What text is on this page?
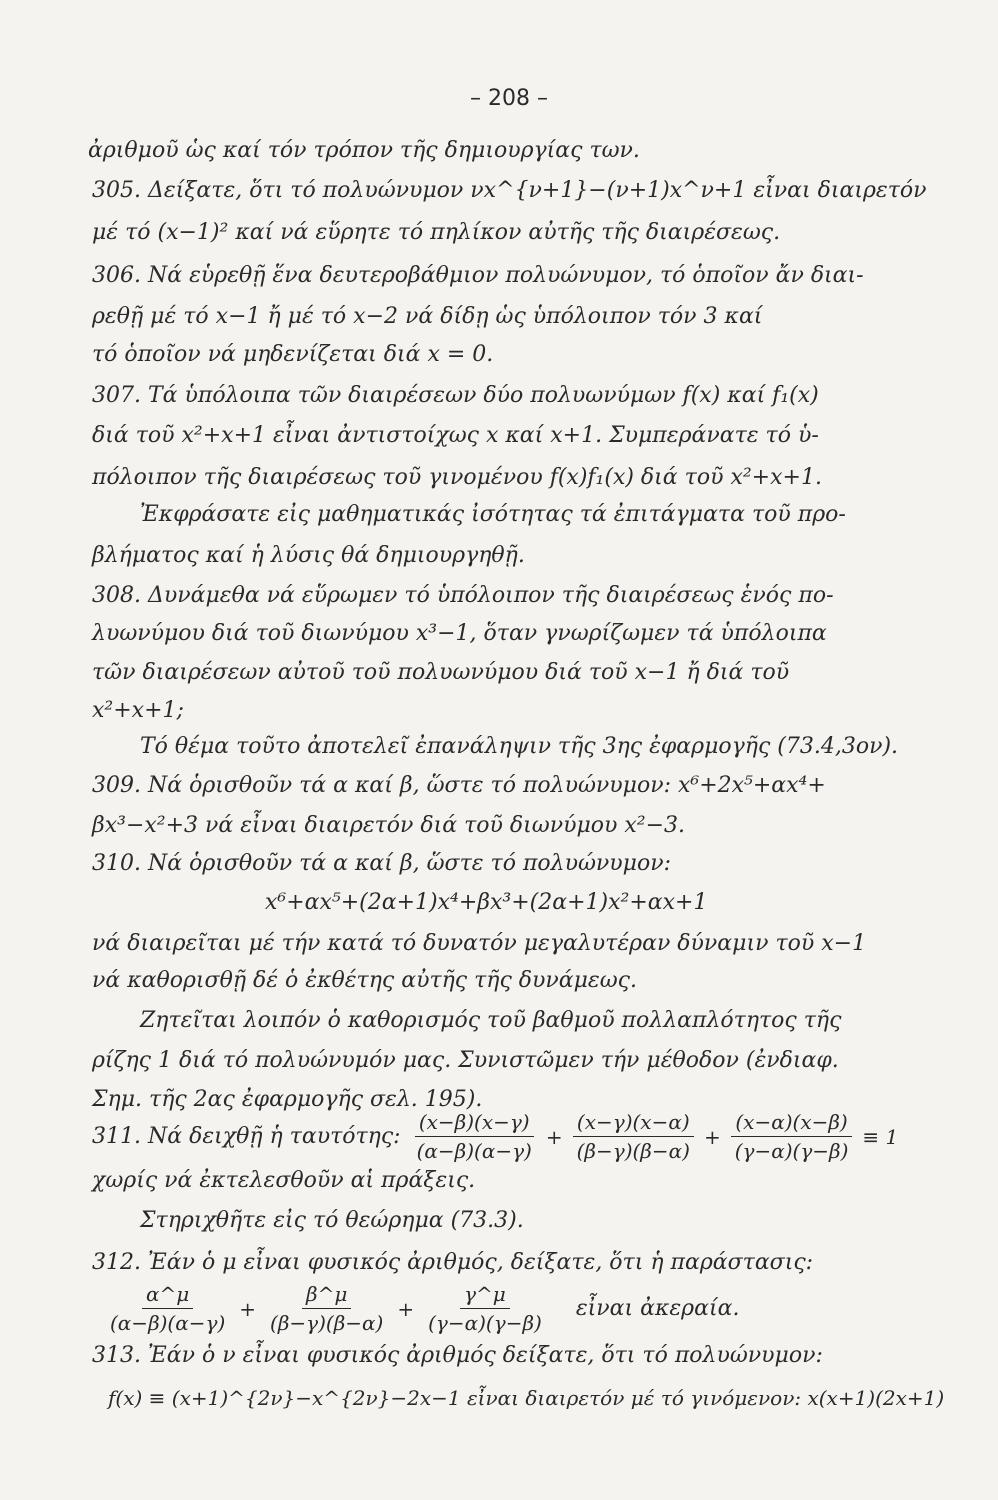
– 208 –
ἀριθμοῦ ὡς καί τόν τρόπον τῆς δημιουργίας των.
305. Δείξατε, ὅτι τό πολυώνυμον νx^{ν+1}−(ν+1)x^ν+1 εἶναι διαιρετόν
μέ τό (x−1)² καί νά εὕρητε τό πηλίκον αὐτῆς τῆς διαιρέσεως.
306. Νά εὑρεθῇ ἕνα δευτεροβάθμιον πολυώνυμον, τό ὁποῖον ἄν διαι-
ρεθῇ μέ τό x−1 ἤ μέ τό x−2 νά δίδῃ ὡς ὑπόλοιπον τόν 3 καί
τό ὁποῖον νά μηδενίζεται διά x = 0.
307. Τά ὑπόλοιπα τῶν διαιρέσεων δύο πολυωνύμων f(x) καί f₁(x)
διά τοῦ x²+x+1 εἶναι ἀντιστοίχως x καί x+1. Συμπεράνατε τό ὑ-
πόλοιπον τῆς διαιρέσεως τοῦ γινομένου f(x)f₁(x) διά τοῦ x²+x+1.
Ἐκφράσατε εἰς μαθηματικάς ἰσότητας τά ἐπιτάγματα τοῦ προ-
βλήματος καί ἡ λύσις θά δημιουργηθῇ.
308. Δυνάμεθα νά εὕρωμεν τό ὑπόλοιπον τῆς διαιρέσεως ἑνός πο-
λυωνύμου διά τοῦ διωνύμου x³−1, ὅταν γνωρίζωμεν τά ὑπόλοιπα
τῶν διαιρέσεων αὐτοῦ τοῦ πολυωνύμου διά τοῦ x−1 ἤ διά τοῦ
x²+x+1;
Τό θέμα τοῦτο ἀποτελεῖ ἐπανάληψιν τῆς 3ης ἐφαρμογῆς (73.4,3ον).
309. Νά ὁρισθοῦν τά α καί β, ὥστε τό πολυώνυμον: x⁶+2x⁵+αx⁴+
βx³−x²+3 νά εἶναι διαιρετόν διά τοῦ διωνύμου x²−3.
310. Νά ὁρισθοῦν τά α καί β, ὥστε τό πολυώνυμον:
x⁶+αx⁵+(2α+1)x⁴+βx³+(2α+1)x²+αx+1
νά διαιρεῖται μέ τήν κατά τό δυνατόν μεγαλυτέραν δύναμιν τοῦ x−1
νά καθορισθῇ δέ ὁ ἐκθέτης αὐτῆς τῆς δυνάμεως.
Ζητεῖται λοιπόν ὁ καθορισμός τοῦ βαθμοῦ πολλαπλότητος τῆς
ρίζης 1 διά τό πολυώνυμόν μας. Συνιστῶμεν τήν μέθοδον (ἐνδιαφ.
Σημ. τῆς 2ας ἐφαρμογῆς σελ. 195).
311. Νά δειχθῇ ἡ ταυτότης: $\frac{(x-\beta)(x-\gamma)}{(\alpha-\beta)(\alpha-\gamma)} + \frac{(x-\gamma)(x-\alpha)}{(\beta-\gamma)(\beta-\alpha)} + \frac{(x-\alpha)(x-\beta)}{(\gamma-\alpha)(\gamma-\beta)} \equiv 1$
χωρίς νά ἐκτελεσθοῦν αἱ πράξεις.
Στηριχθῆτε εἰς τό θεώρημα (73.3).
312. Ἐάν ὁ μ εἶναι φυσικός ἀριθμός, δείξατε, ὅτι ἡ παράστασις:
$\frac{\alpha\^{}\mu}{(\alpha-\beta)(\alpha-\gamma)} + \frac{\beta\^{}\mu}{(\beta-\gamma)(\beta-\alpha)} + \frac{\gamma\^{}\mu}{(\gamma-\alpha)(\gamma-\beta)}$ εἶναι ἀκεραία.
313. Ἐάν ὁ ν εἶναι φυσικός ἀριθμός δείξατε, ὅτι τό πολυώνυμον:
f(x) ≡ (x+1)^{2ν}−x^{2ν}−2x−1 εἶναι διαιρετόν μέ τό γινόμενον: x(x+1)(2x+1)
